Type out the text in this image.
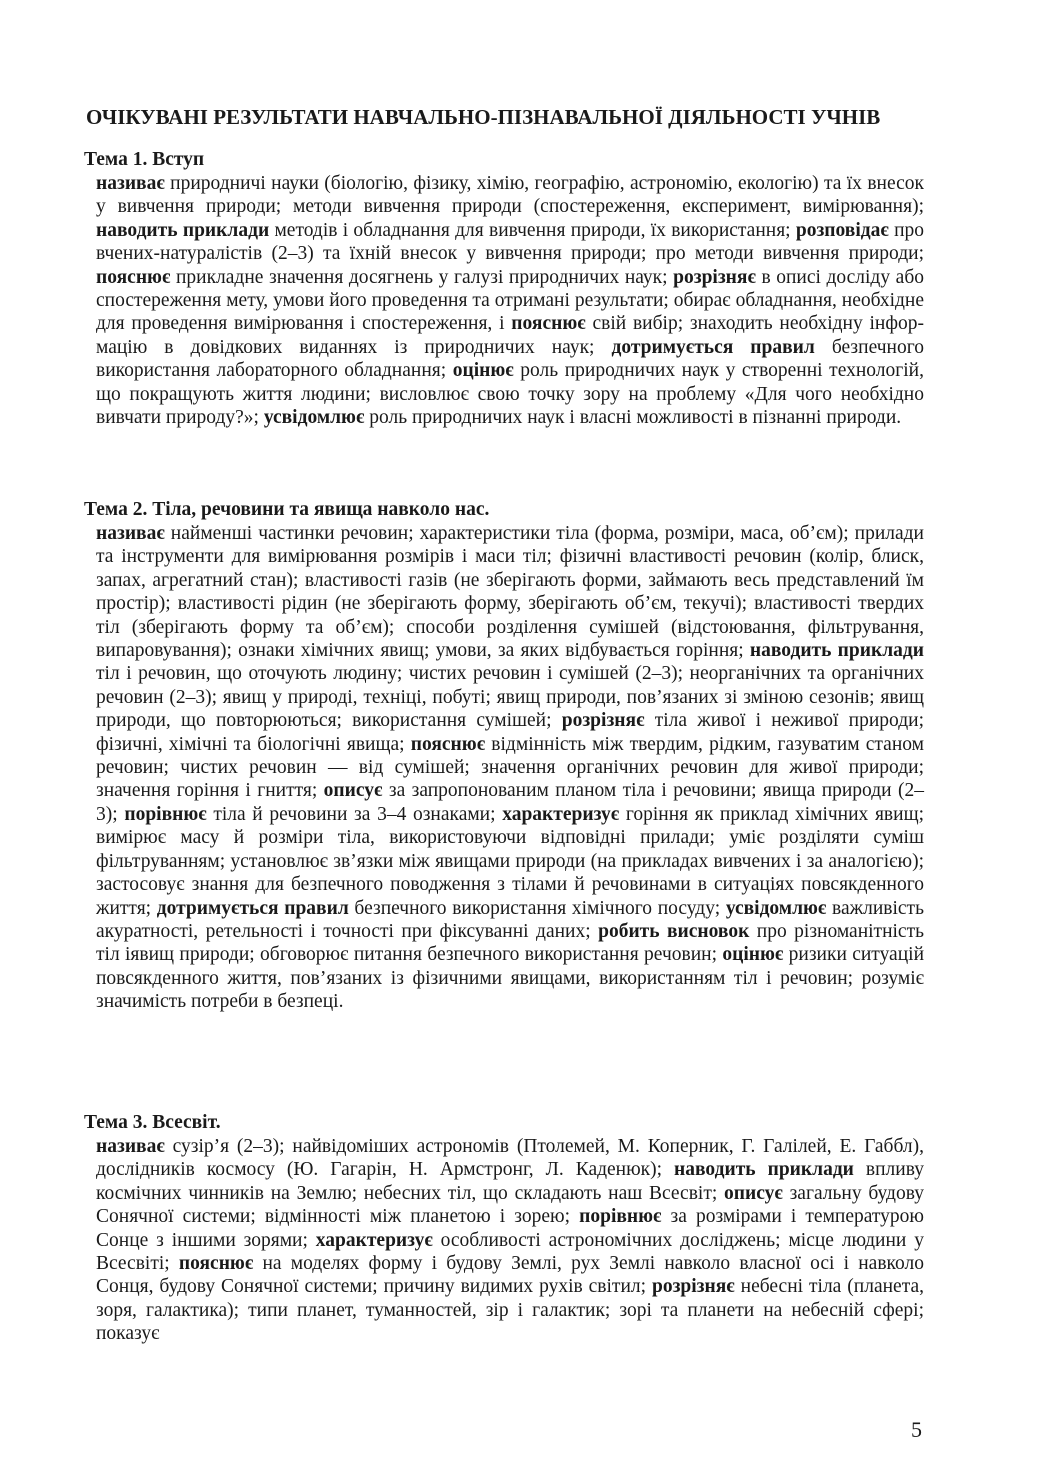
ОЧІКУВАНІ РЕЗУЛЬТАТИ НАВЧАЛЬНО-ПІЗНАВАЛЬНОЇ ДІЯЛЬНОСТІ УЧНІВ
Тема 1. Вступ
називає природничі науки (біологію, фізику, хімію, географію, астрономію, екологію) та їх внесок у вивчення природи; методи вивчення природи (спостереження, експеримент, вимірювання); наводить приклади методів і обладнання для вивчення природи, їх використання; розповідає про вчених-натуралістів (2–3) та їхній внесок у вивчення природи; про методи вивчення природи; пояснює прикладне значення досягнень у галузі природничих наук; розрізняє в описі досліду або спостереження мету, умови його проведення та отримані результати; обирає обладнання, необхідне для проведення вимірювання і спостереження, і пояснює свій вибір; знаходить необхідну інформацію в довідкових виданнях із природничих наук; дотримується правил безпечного використання лабораторного обладнання; оцінює роль природничих наук у створенні технологій, що покращують життя людини; висловлює свою точку зору на проблему «Для чого необхідно вивчати природу?»; усвідомлює роль природничих наук і власні можливості в пізнанні природи.
Тема 2. Тіла, речовини та явища навколо нас.
називає найменші частинки речовин; характеристики тіла (форма, розміри, маса, об’єм); прилади та інструменти для вимірювання розмірів і маси тіл; фізичні властивості речовин (колір, блиск, запах, агрегатний стан); властивості газів (не зберігають форми, займають весь представлений їм простір); властивості рідин (не зберігають форму, зберігають об’єм, текучі); властивості твердих тіл (зберігають форму та об’єм); способи розділення сумішей (відстоювання, фільтрування, випаровування); ознаки хімічних явищ; умови, за яких відбувається горіння; наводить приклади тіл і речовин, що оточують людину; чистих речовин і сумішей (2–3); неорганічних та органічних речовин (2–3); явищ у природі, техніці, побуті; явищ природи, пов’язаних зі зміною сезонів; явищ природи, що повторюються; використання сумішей; розрізняє тіла живої і неживої природи; фізичні, хімічні та біологічні явища; пояснює відмінність між твердим, рідким, газуватим станом речовин; чистих речовин — від сумішей; значення органічних речовин для живої природи; значення горіння і гниття; описує за запропонованим планом тіла і речовини; явища природи (2–3); порівнює тіла й речовини за 3–4 ознаками; характеризує горіння як приклад хімічних явищ; вимірює масу й розміри тіла, використовуючи відповідні прилади; уміє розділяти суміш фільтруванням; установлює зв’язки між явищами природи (на прикладах вивчених і за аналогією); застосовує знання для безпечного поводження з тілами й речовинами в ситуаціях повсякденного життя; дотримується правил безпечного використання хімічного посуду; усвідомлює важливість акуратності, ретельності і точності при фіксуванні даних; робить висновок про різноманітність тіл іявищ природи; обговорює питання безпечного використання речовин; оцінює ризики ситуацій повсякденного життя, пов’язаних із фізичними явищами, використанням тіл і речовин; розуміє значимість потреби в безпеці.
Тема 3. Всесвіт.
називає сузір’я (2–3); найвідоміших астрономів (Птолемей, М. Коперник, Г. Галілей, Е. Габбл), дослідників космосу (Ю. Гагарін, Н. Армстронг, Л. Каденюк); наводить приклади впливу космічних чинників на Землю; небесних тіл, що складають наш Всесвіт; описує загальну будову Сонячної системи; відмінності між планетою і зорею; порівнює за розмірами і температурою Сонце з іншими зорями; характеризує особливості астрономічних досліджень; місце людини у Всесвіті; пояснює на моделях форму і будову Землі, рух Землі навколо власної осі і навколо Сонця, будову Сонячної системи; причину видимих рухів світил; розрізняє небесні тіла (планета, зоря, галактика); типи планет, туманностей, зір і галактик; зорі та планети на небесній сфері; показує
5
